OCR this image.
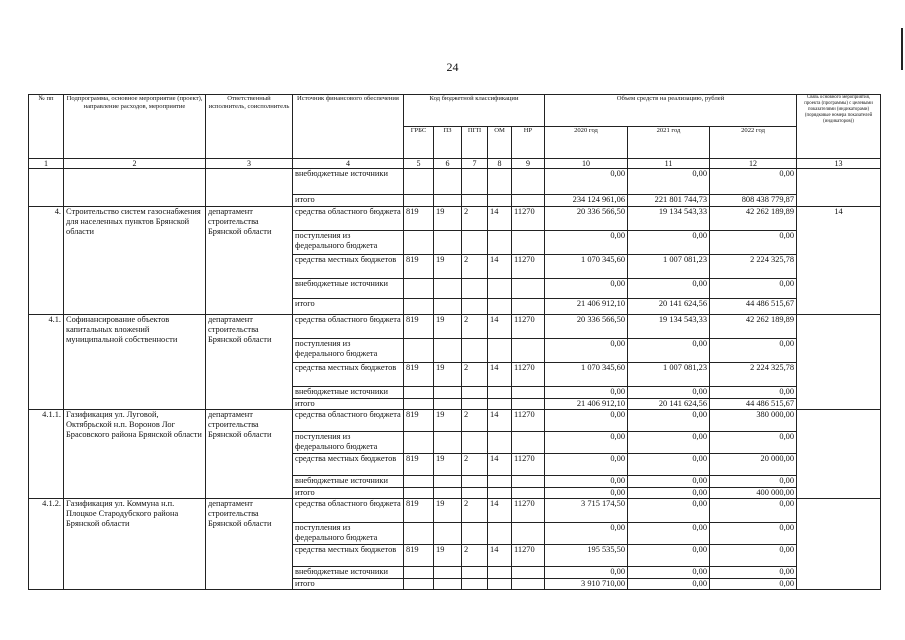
24
№ пп	Подпрограмма, основное мероприятие (проект), направление расходов, мероприятие	Ответственный исполнитель, соисполнитель	Источник финансового обеспечения	Код бюджетной классификации					Объем средств на реализацию, рублей			Связь основного мероприятия, проекта (программы) с целевыми показателями (индикаторами) (порядковые номера показателей (индикаторов))
				ГРБС	ПЗ	ПГП	ОМ	НР	2020 год	2021 год	2022 год	
1	2	3	4	5	6	7	8	9	10	11	12	13
			внебюджетные источники						0,00	0,00	0,00	
			итого						234 124 961,06	221 801 744,73	808 438 779,87	
4.	Строительство систем газоснабжения для населенных пунктов Брянской области	департамент строительства Брянской области	средства областного бюджета	819	19	2	14	11270	20 336 566,50	19 134 543,33	42 262 189,89	14
			поступления из федерального бюджета						0,00	0,00	0,00	
			средства местных бюджетов	819	19	2	14	11270	1 070 345,60	1 007 081,23	2 224 325,78	
			внебюджетные источники						0,00	0,00	0,00	
			итого						21 406 912,10	20 141 624,56	44 486 515,67	
4.1.	Софинансирование объектов капитальных вложений муниципальной собственности	департамент строительства Брянской области	средства областного бюджета	819	19	2	14	11270	20 336 566,50	19 134 543,33	42 262 189,89	
			поступления из федерального бюджета						0,00	0,00	0,00	
			средства местных бюджетов	819	19	2	14	11270	1 070 345,60	1 007 081,23	2 224 325,78	
			внебюджетные источники						0,00	0,00	0,00	
			итого						21 406 912,10	20 141 624,56	44 486 515,67	
4.1.1.	Газификация ул. Луговой, Октябрьской н.п. Воронов Лог Брасовского района Брянской области	департамент строительства Брянской области	средства областного бюджета	819	19	2	14	11270	0,00	0,00	380 000,00	
			поступления из федерального бюджета						0,00	0,00	0,00	
			средства местных бюджетов	819	19	2	14	11270	0,00	0,00	20 000,00	
			внебюджетные источники						0,00	0,00	0,00	
			итого						0,00	0,00	400 000,00	
4.1.2.	Газификация ул. Коммуна н.п. Плоцкое Стародубского района Брянской области	департамент строительства Брянской области	средства областного бюджета	819	19	2	14	11270	3 715 174,50	0,00	0,00	
			поступления из федерального бюджета						0,00	0,00	0,00	
			средства местных бюджетов	819	19	2	14	11270	195 535,50	0,00	0,00	
			внебюджетные источники						0,00	0,00	0,00	
			итого						3 910 710,00	0,00	0,00	
